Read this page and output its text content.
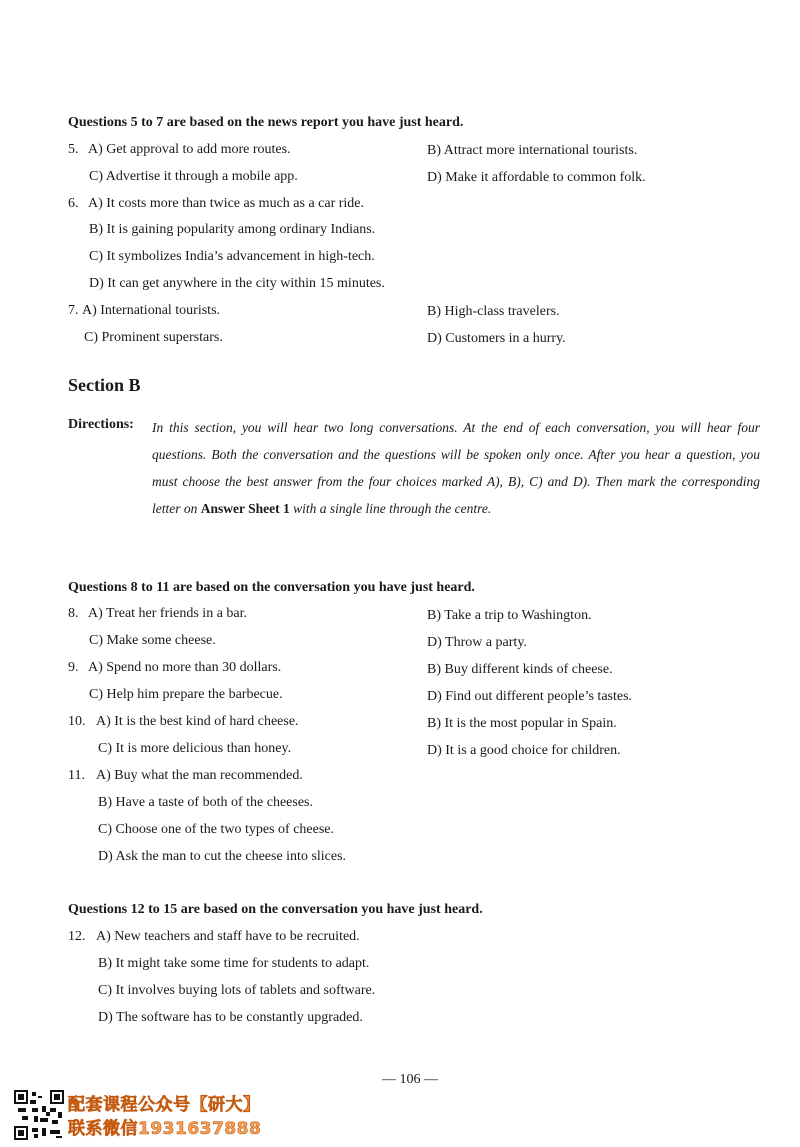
Questions 5 to 7 are based on the news report you have just heard.
5. A) Get approval to add more routes.	B) Attract more international tourists.
C) Advertise it through a mobile app.	D) Make it affordable to common folk.
6. A) It costs more than twice as much as a car ride.
B) It is gaining popularity among ordinary Indians.
C) It symbolizes India’s advancement in high-tech.
D) It can get anywhere in the city within 15 minutes.
7. A) International tourists.	B) High-class travelers.
C) Prominent superstars.	D) Customers in a hurry.
Section B
Directions: In this section, you will hear two long conversations. At the end of each conversation, you will hear four questions. Both the conversation and the questions will be spoken only once. After you hear a question, you must choose the best answer from the four choices marked A), B), C) and D). Then mark the corresponding letter on Answer Sheet 1 with a single line through the centre.
Questions 8 to 11 are based on the conversation you have just heard.
8. A) Treat her friends in a bar.	B) Take a trip to Washington.
C) Make some cheese.	D) Throw a party.
9. A) Spend no more than 30 dollars.	B) Buy different kinds of cheese.
C) Help him prepare the barbecue.	D) Find out different people’s tastes.
10. A) It is the best kind of hard cheese.	B) It is the most popular in Spain.
C) It is more delicious than honey.	D) It is a good choice for children.
11. A) Buy what the man recommended.
B) Have a taste of both of the cheeses.
C) Choose one of the two types of cheese.
D) Ask the man to cut the cheese into slices.
Questions 12 to 15 are based on the conversation you have just heard.
12. A) New teachers and staff have to be recruited.
B) It might take some time for students to adapt.
C) It involves buying lots of tablets and software.
D) The software has to be constantly upgraded.
— 106 —
配套课程公众号【研大】
联系微信1931637888
